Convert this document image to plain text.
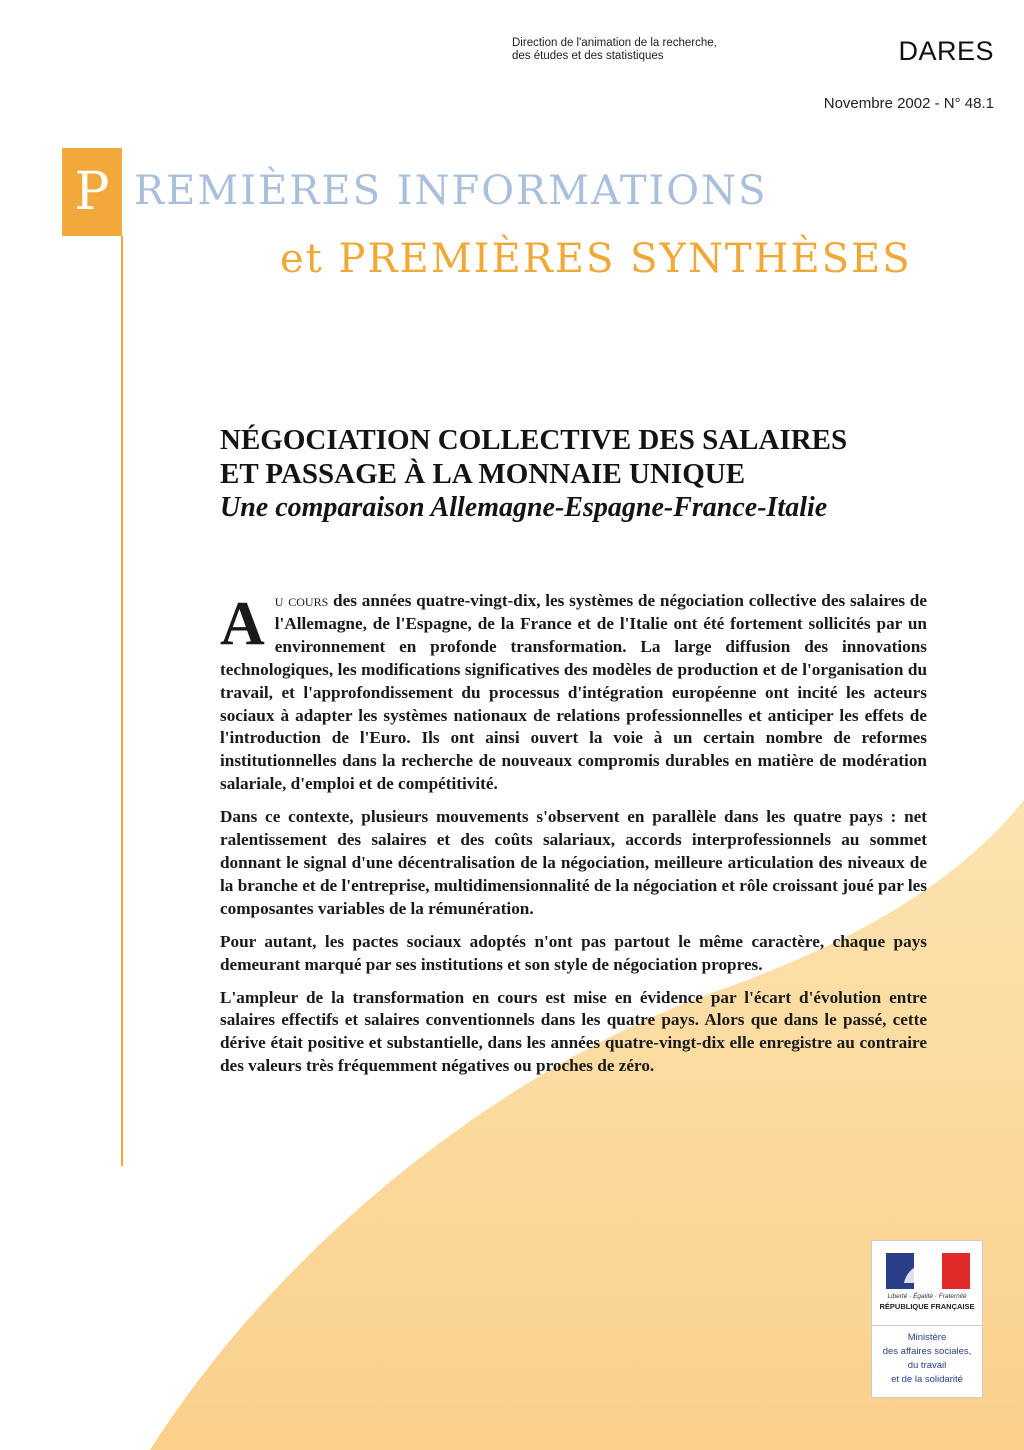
Direction de l'animation de la recherche,
des études et des statistiques	DARES
Novembre 2002 - N° 48.1
P REMIÈRES INFORMATIONS
et PREMIÈRES SYNTHÈSES
NÉGOCIATION COLLECTIVE DES SALAIRES
ET PASSAGE À LA MONNAIE UNIQUE
Une comparaison Allemagne-Espagne-France-Italie

Au cours des années quatre-vingt-dix, les systèmes de négociation collective des salaires de l'Allemagne, de l'Espagne, de la France et de l'Italie ont été fortement sollicités par un environnement en profonde transformation. La large diffusion des innovations technologiques, les modifications significatives des modèles de production et de l'organisation du travail, et l'approfondissement du processus d'intégration européenne ont incité les acteurs sociaux à adapter les systèmes nationaux de relations professionnelles et anticiper les effets de l'introduction de l'Euro. Ils ont ainsi ouvert la voie à un certain nombre de reformes institutionnelles dans la recherche de nouveaux compromis durables en matière de modération salariale, d'emploi et de compétitivité.

Dans ce contexte, plusieurs mouvements s'observent en parallèle dans les quatre pays : net ralentissement des salaires et des coûts salariaux, accords interprofessionnels au sommet donnant le signal d'une décentralisation de la négociation, meilleure articulation des niveaux de la branche et de l'entreprise, multidimensionnalité de la négociation et rôle croissant joué par les composantes variables de la rémunération.

Pour autant, les pactes sociaux adoptés n'ont pas partout le même caractère, chaque pays demeurant marqué par ses institutions et son style de négociation propres.

L'ampleur de la transformation en cours est mise en évidence par l'écart d'évolution entre salaires effectifs et salaires conventionnels dans les quatre pays. Alors que dans le passé, cette dérive était positive et substantielle, dans les années quatre-vingt-dix elle enregistre au contraire des valeurs très fréquemment négatives ou proches de zéro.

Liberté · Égalité · Fraternité
RÉPUBLIQUE FRANÇAISE
Ministère
des affaires sociales,
du travail
et de la solidarité
